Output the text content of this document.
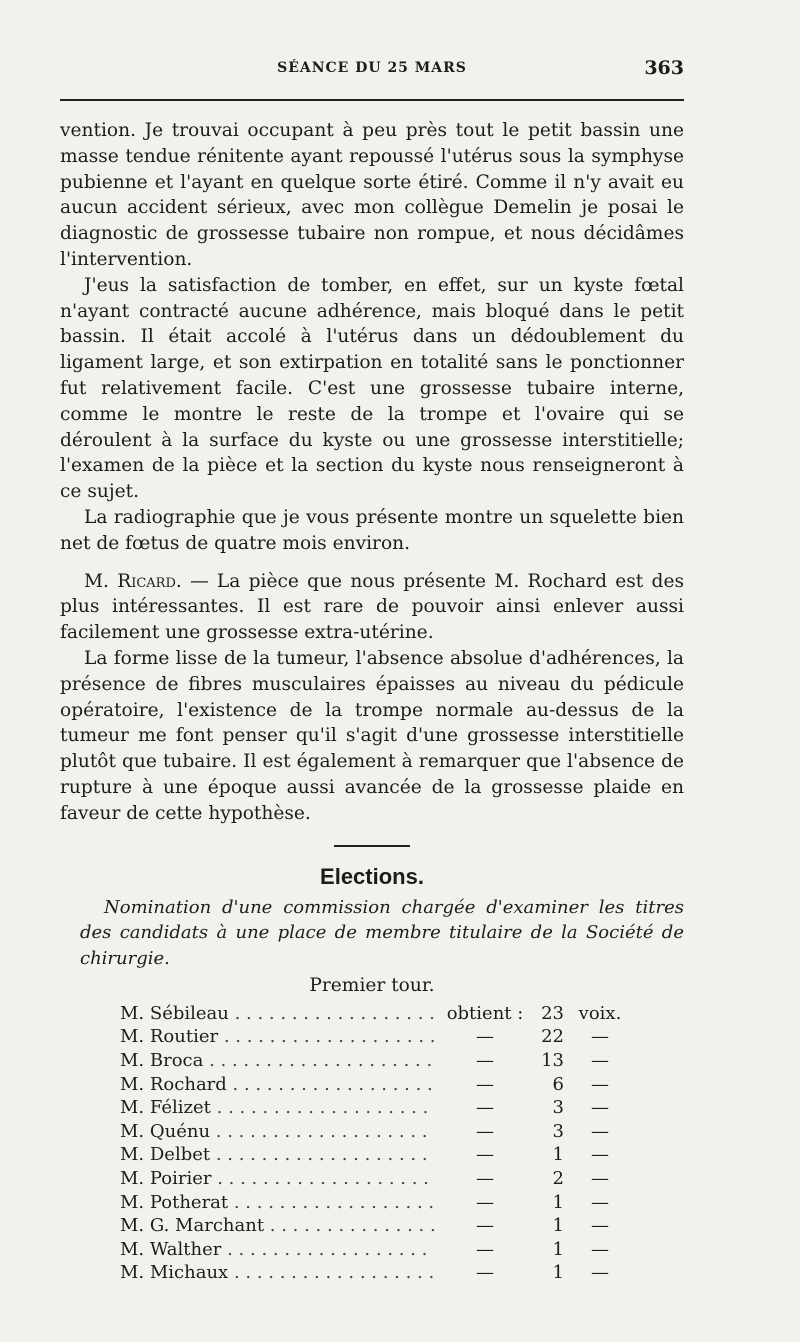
SÉANCE DU 25 MARS	363

vention. Je trouvai occupant à peu près tout le petit bassin une masse tendue rénitente ayant repoussé l'utérus sous la symphyse pubienne et l'ayant en quelque sorte étiré. Comme il n'y avait eu aucun accident sérieux, avec mon collègue Demelin je posai le diagnostic de grossesse tubaire non rompue, et nous décidâmes l'intervention.

J'eus la satisfaction de tomber, en effet, sur un kyste fœtal n'ayant contracté aucune adhérence, mais bloqué dans le petit bassin. Il était accolé à l'utérus dans un dédoublement du ligament large, et son extirpation en totalité sans le ponctionner fut relativement facile. C'est une grossesse tubaire interne, comme le montre le reste de la trompe et l'ovaire qui se déroulent à la surface du kyste ou une grossesse interstitielle; l'examen de la pièce et la section du kyste nous renseigneront à ce sujet.

La radiographie que je vous présente montre un squelette bien net de fœtus de quatre mois environ.

M. Ricard. — La pièce que nous présente M. Rochard est des plus intéressantes. Il est rare de pouvoir ainsi enlever aussi facilement une grossesse extra-utérine.

La forme lisse de la tumeur, l'absence absolue d'adhérences, la présence de fibres musculaires épaisses au niveau du pédicule opératoire, l'existence de la trompe normale au-dessus de la tumeur me font penser qu'il s'agit d'une grossesse interstitielle plutôt que tubaire. Il est également à remarquer que l'absence de rupture à une époque aussi avancée de la grossesse plaide en faveur de cette hypothèse.

Elections.

Nomination d'une commission chargée d'examiner les titres des candidats à une place de membre titulaire de la Société de chirurgie.

Premier tour.
M. Sébileau . . .	obtient : 23 voix.
M. Routier . . .	—	22	—
M. Broca . . .	—	13	—
M. Rochard . . .	—	6	—
M. Félizet . . .	—	3	—
M. Quénu . . .	—	3	—
M. Delbet . . .	—	1	—
M. Poirier . . .	—	2	—
M. Potherat . . .	—	1	—
M. G. Marchant . . .	—	1	—
M. Walther . . .	—	1	—
M. Michaux . . .	—	1	—
